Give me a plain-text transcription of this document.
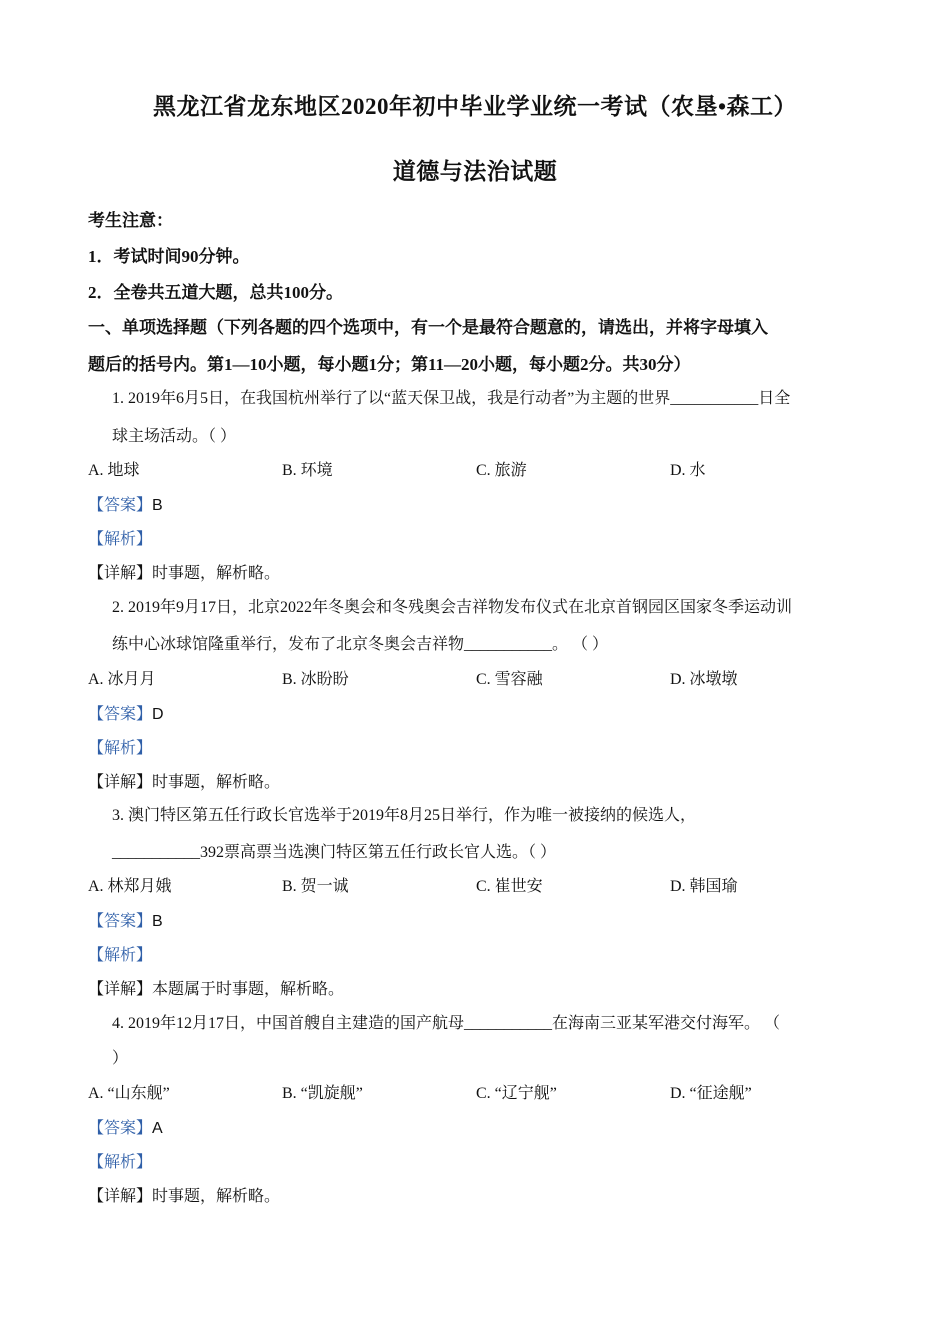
黑龙江省龙东地区2020年初中毕业学业统一考试（农垦•森工）
道德与法治试题
考生注意：
1．考试时间90分钟。
2．全卷共五道大题，总共100分。
一、单项选择题（下列各题的四个选项中，有一个是最符合题意的，请选出，并将字母填入
题后的括号内。第1—10小题，每小题1分；第11—20小题，每小题2分。共30分）
1. 2019年6月5日，在我国杭州举行了以“蓝天保卫战，我是行动者”为主题的世界___________日全
球主场活动。（ ）
A. 地球	B. 环境	C. 旅游	D. 水
【答案】B
【解析】
【详解】时事题，解析略。
2. 2019年9月17日，北京2022年冬奥会和冬残奥会吉祥物发布仪式在北京首钢园区国家冬季运动训
练中心冰球馆隆重举行，发布了北京冬奥会吉祥物___________。 （ ）
A. 冰月月	B. 冰盼盼	C. 雪容融	D. 冰墩墩
【答案】D
【解析】
【详解】时事题，解析略。
3. 澳门特区第五任行政长官选举于2019年8月25日举行，作为唯一被接纳的候选人，
___________392票高票当选澳门特区第五任行政长官人选。（ ）
A. 林郑月娥	B. 贺一诚	C. 崔世安	D. 韩国瑜
【答案】B
【解析】
【详解】本题属于时事题，解析略。
4. 2019年12月17日，中国首艘自主建造的国产航母___________在海南三亚某军港交付海军。 （
）
A. “山东舰”	B. “凯旋舰”	C. “辽宁舰”	D. “征途舰”
【答案】A
【解析】
【详解】时事题，解析略。
